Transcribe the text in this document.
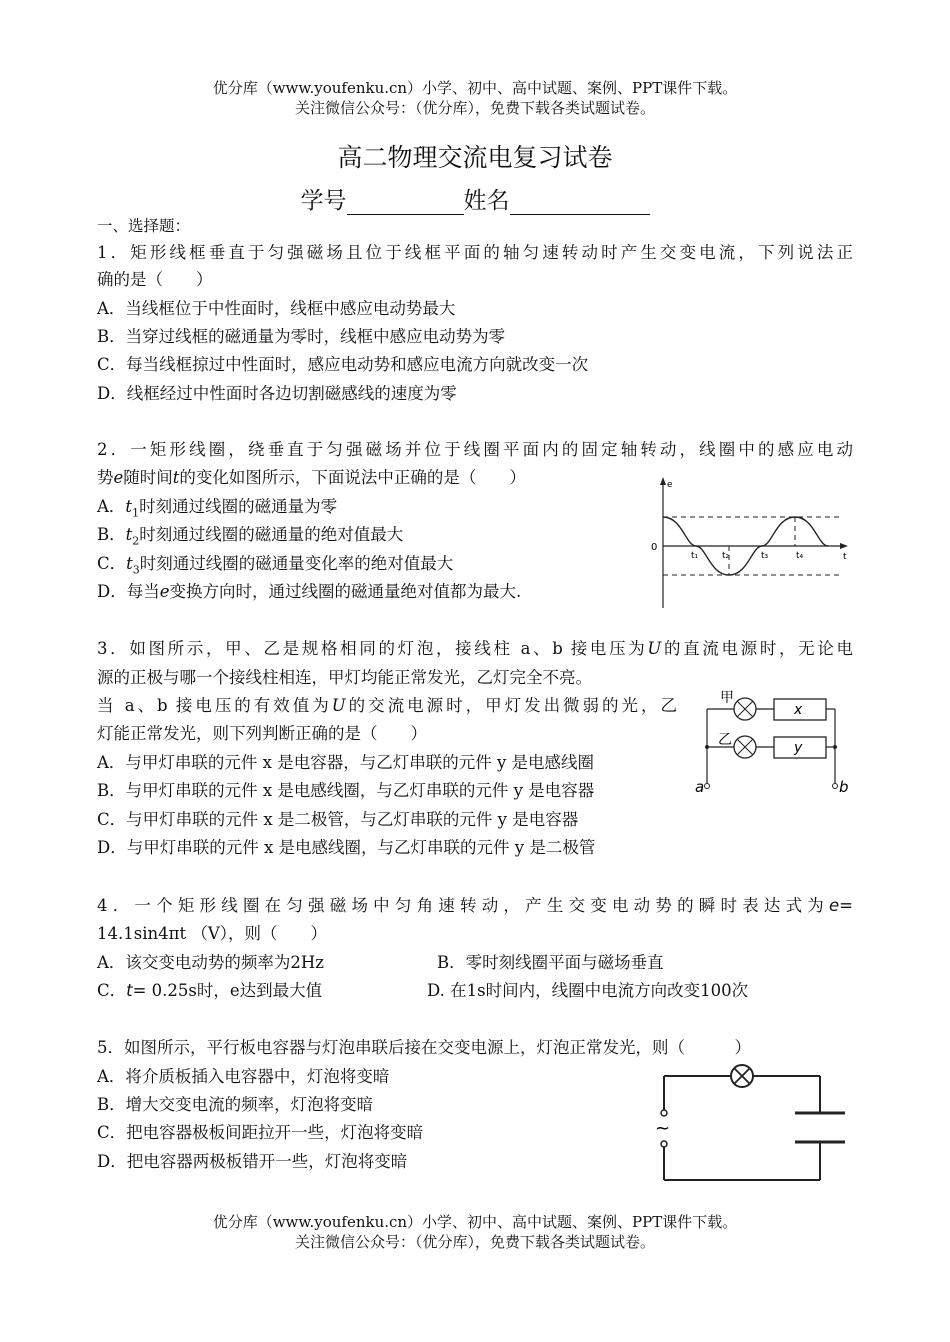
优分库（www.youfenku.cn）小学、初中、高中试题、案例、PPT课件下载。
关注微信公众号：（优分库），免费下载各类试题试卷。
高二物理交流电复习试卷
学号	姓名
一、选择题：
1．矩形线框垂直于匀强磁场且位于线框平面的轴匀速转动时产生交变电流，下列说法正
确的是（　　）
A．当线框位于中性面时，线框中感应电动势最大
B．当穿过线框的磁通量为零时，线框中感应电动势为零
C．每当线框掠过中性面时，感应电动势和感应电流方向就改变一次
D．线框经过中性面时各边切割磁感线的速度为零
2．一矩形线圈，绕垂直于匀强磁场并位于线圈平面内的固定轴转动，线圈中的感应电动
势e随时间t的变化如图所示，下面说法中正确的是（　　）
A．$t_1$时刻通过线圈的磁通量为零
B．$t_2$时刻通过线圈的磁通量的绝对值最大
C．$t_3$时刻通过线圈的磁通量变化率的绝对值最大
D．每当e变换方向时，通过线圈的磁通量绝对值都为最大.
e
t
0
t₁	t₂	t₃	t₄
3．如图所示，甲、乙是规格相同的灯泡，接线柱 a、b 接电压为U的直流电源时，无论电
源的正极与哪一个接线柱相连，甲灯均能正常发光，乙灯完全不亮。
当 a、b 接电压的有效值为U的交流电源时，甲灯发出微弱的光，乙
灯能正常发光，则下列判断正确的是（　　）
A．与甲灯串联的元件 x 是电容器，与乙灯串联的元件 y 是电感线圈
B．与甲灯串联的元件 x 是电感线圈，与乙灯串联的元件 y 是电容器
C．与甲灯串联的元件 x 是二极管，与乙灯串联的元件 y 是电容器
D．与甲灯串联的元件 x 是电感线圈，与乙灯串联的元件 y 是二极管
甲
乙
x
y
a	b
4．一个矩形线圈在匀强磁场中匀角速转动，产生交变电动势的瞬时表达式为e=
14.1sin4πt （V），则（　　）
A．该交变电动势的频率为2Hz	B．零时刻线圈平面与磁场垂直
C．t= 0.25s时，e达到最大值	D. 在1s时间内，线圈中电流方向改变100次
5．如图所示，平行板电容器与灯泡串联后接在交变电源上，灯泡正常发光，则（　　　）
A．将介质板插入电容器中，灯泡将变暗
B．增大交变电流的频率，灯泡将变暗
C．把电容器极板间距拉开一些，灯泡将变暗
D．把电容器两极板错开一些，灯泡将变暗
~
优分库（www.youfenku.cn）小学、初中、高中试题、案例、PPT课件下载。
关注微信公众号：（优分库），免费下载各类试题试卷。
